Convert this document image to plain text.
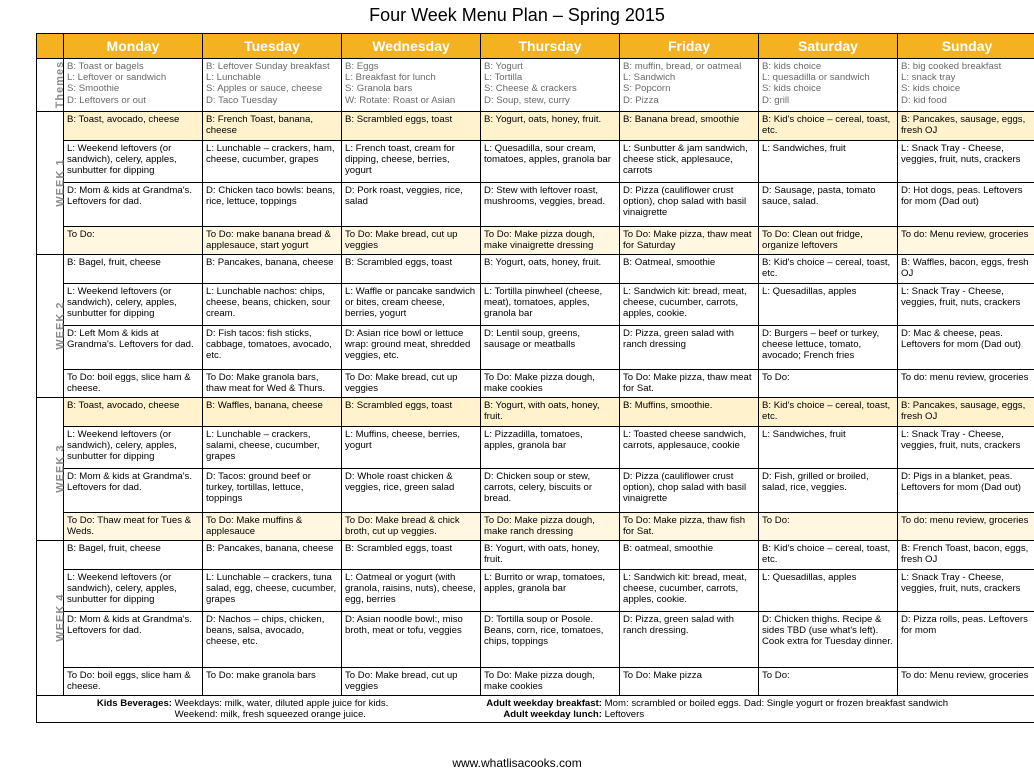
Four Week Menu Plan – Spring 2015
	Monday	Tuesday	Wednesday	Thursday	Friday	Saturday	Sunday
Themes	B: Toast or bagels
L: Leftover or sandwich
S: Smoothie
D: Leftovers or out	B: Leftover Sunday breakfast
L: Lunchable
S: Apples or sauce, cheese
D: Taco Tuesday	B: Eggs
L: Breakfast for lunch
S: Granola bars
W: Rotate: Roast or Asian	B: Yogurt
L: Tortilla
S: Cheese & crackers
D: Soup, stew, curry	B: muffin, bread, or oatmeal
L: Sandwich
S: Popcorn
D: Pizza	B: kids choice
L: quesadilla or sandwich
S: kids choice
D: grill	B: big cooked breakfast
L: snack tray
S: kids choice
D: kid food

WEEK 1	B: Toast, avocado, cheese	B: French Toast, banana, cheese	B: Scrambled eggs, toast	B: Yogurt, oats, honey, fruit.	B: Banana bread, smoothie	B: Kid's choice – cereal, toast, etc.	B: Pancakes, sausage, eggs, fresh OJ
	L: Weekend leftovers (or sandwich), celery, apples, sunbutter for dipping	L: Lunchable – crackers, ham, cheese, cucumber, grapes	L: French toast, cream for dipping, cheese, berries, yogurt	L: Quesadilla, sour cream, tomatoes, apples, granola bar	L: Sunbutter & jam sandwich, cheese stick, applesauce, carrots	L: Sandwiches, fruit	L: Snack Tray - Cheese, veggies, fruit, nuts, crackers
	D: Mom & kids at Grandma's. Leftovers for dad.	D: Chicken taco bowls: beans, rice, lettuce, toppings	D: Pork roast, veggies, rice, salad	D: Stew with leftover roast, mushrooms, veggies, bread.	D: Pizza (cauliflower crust option), chop salad with basil vinaigrette	D: Sausage, pasta, tomato sauce, salad.	D: Hot dogs, peas. Leftovers for mom (Dad out)
	To Do:	To Do: make banana bread & applesauce, start yogurt	To Do: Make bread, cut up veggies	To Do: Make pizza dough, make vinaigrette dressing	To Do: Make pizza, thaw meat for Saturday	To Do: Clean out fridge, organize leftovers	To do: Menu review, groceries
WEEK 2	B: Bagel, fruit, cheese	B: Pancakes, banana, cheese	B: Scrambled eggs, toast	B: Yogurt, oats, honey, fruit.	B: Oatmeal, smoothie	B: Kid's choice – cereal, toast, etc.	B: Waffles, bacon, eggs, fresh OJ
	L: Weekend leftovers (or sandwich), celery, apples, sunbutter for dipping	L: Lunchable nachos: chips, cheese, beans, chicken, sour cream.	L: Waffle or pancake sandwich or bites, cream cheese, berries, yogurt	L: Tortilla pinwheel (cheese, meat), tomatoes, apples, granola bar	L: Sandwich kit: bread, meat, cheese, cucumber, carrots, apples, cookie.	L: Quesadillas, apples	L: Snack Tray - Cheese, veggies, fruit, nuts, crackers
	D: Left Mom & kids at Grandma's. Leftovers for dad.	D: Fish tacos: fish sticks, cabbage, tomatoes, avocado, etc.	D: Asian rice bowl or lettuce wrap: ground meat, shredded veggies, etc.	D: Lentil soup, greens, sausage or meatballs	D: Pizza, green salad with ranch dressing	D: Burgers – beef or turkey, cheese lettuce, tomato, avocado; French fries	D: Mac & cheese, peas. Leftovers for mom (Dad out)
	To Do: boil eggs, slice ham & cheese.	To Do: Make granola bars, thaw meat for Wed & Thurs.	To Do: Make bread, cut up veggies	To Do: Make pizza dough, make cookies	To Do: Make pizza, thaw meat for Sat.	To Do:	To do: menu review, groceries
WEEK 3	B: Toast, avocado, cheese	B: Waffles, banana, cheese	B: Scrambled eggs, toast	B: Yogurt, with oats, honey, fruit.	B: Muffins, smoothie.	B: Kid's choice – cereal, toast, etc.	B: Pancakes, sausage, eggs, fresh OJ
	L: Weekend leftovers (or sandwich), celery, apples, sunbutter for dipping	L: Lunchable – crackers, salami, cheese, cucumber, grapes	L: Muffins, cheese, berries, yogurt	L: Pizzadilla, tomatoes, apples, granola bar	L: Toasted cheese sandwich, carrots, applesauce, cookie	L: Sandwiches, fruit	L: Snack Tray - Cheese, veggies, fruit, nuts, crackers
	D: Mom & kids at Grandma's. Leftovers for dad.	D: Tacos: ground beef or turkey, tortillas, lettuce, toppings	D: Whole roast chicken & veggies, rice, green salad	D: Chicken soup or stew, carrots, celery, biscuits or bread.	D: Pizza (cauliflower crust option), chop salad with basil vinaigrette	D: Fish, grilled or broiled, salad, rice, veggies.	D: Pigs in a blanket, peas. Leftovers for mom (Dad out)
	To Do: Thaw meat for Tues & Weds.	To Do: Make muffins & applesauce	To Do: Make bread & chick broth, cut up veggies.	To Do: Make pizza dough, make ranch dressing	To Do: Make pizza, thaw fish for Sat.	To Do:	To do: menu review, groceries
WEEK 4	B: Bagel, fruit, cheese	B: Pancakes, banana, cheese	B: Scrambled eggs, toast	B: Yogurt, with oats, honey, fruit.	B: oatmeal, smoothie	B: Kid's choice – cereal, toast, etc.	B: French Toast, bacon, eggs, fresh OJ
	L: Weekend leftovers (or sandwich), celery, apples, sunbutter for dipping	L: Lunchable – crackers, tuna salad, egg, cheese, cucumber, grapes	L: Oatmeal or yogurt (with granola, raisins, nuts), cheese, egg, berries	L: Burrito or wrap, tomatoes, apples, granola bar	L: Sandwich kit: bread, meat, cheese, cucumber, carrots, apples, cookie.	L: Quesadillas, apples	L: Snack Tray - Cheese, veggies, fruit, nuts, crackers
	D: Mom & kids at Grandma's. Leftovers for dad.	D: Nachos – chips, chicken, beans, salsa, avocado, cheese, etc.	D: Asian noodle bowl:, miso broth, meat or tofu, veggies	D: Tortilla soup or Posole. Beans, corn, rice, tomatoes, chips, toppings	D: Pizza, green salad with ranch dressing.	D: Chicken thighs. Recipe & sides TBD (use what's left). Cook extra for Tuesday dinner.	D: Pizza rolls, peas. Leftovers for mom
	To Do: boil eggs, slice ham & cheese.	To Do: make granola bars	To Do: Make bread, cut up veggies	To Do: Make pizza dough, make cookies	To Do: Make pizza	To Do:	To do: Menu review, groceries

Kids Beverages: Weekdays: milk, water, diluted apple juice for kids.
Weekend: milk, fresh squeezed orange juice.
Adult weekday breakfast: Mom: scrambled or boiled eggs. Dad: Single yogurt or frozen breakfast sandwich
Adult weekday lunch: Leftovers							
www.whatlisacooks.com
